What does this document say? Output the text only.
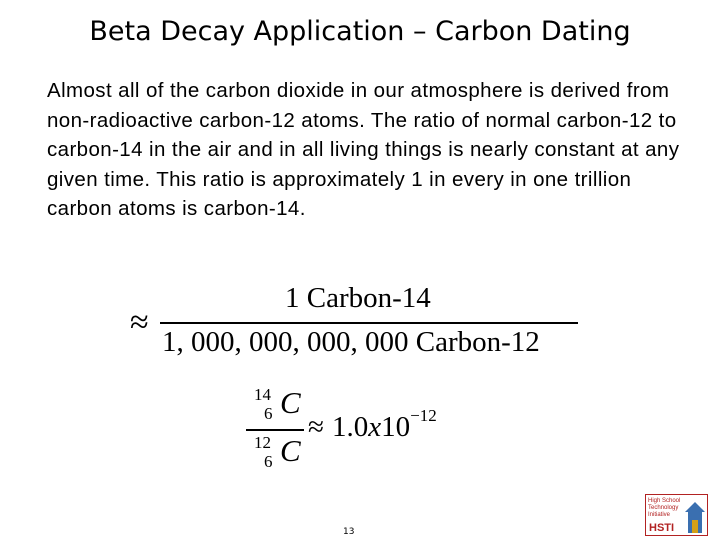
Beta Decay Application – Carbon Dating
Almost all of the carbon dioxide in our atmosphere is derived from non-radioactive carbon-12 atoms. The ratio of normal carbon-12 to carbon-14 in the air and in all living things is nearly constant at any given time. This ratio is approximately 1 in every in one trillion carbon atoms is carbon-14.
≈
1 Carbon-14
1, 000, 000, 000, 000 Carbon-12
14
6 C
12
6 C
≈ $1.0x10^{-12}$
13
High School
Technology
Initiative
HSTI
